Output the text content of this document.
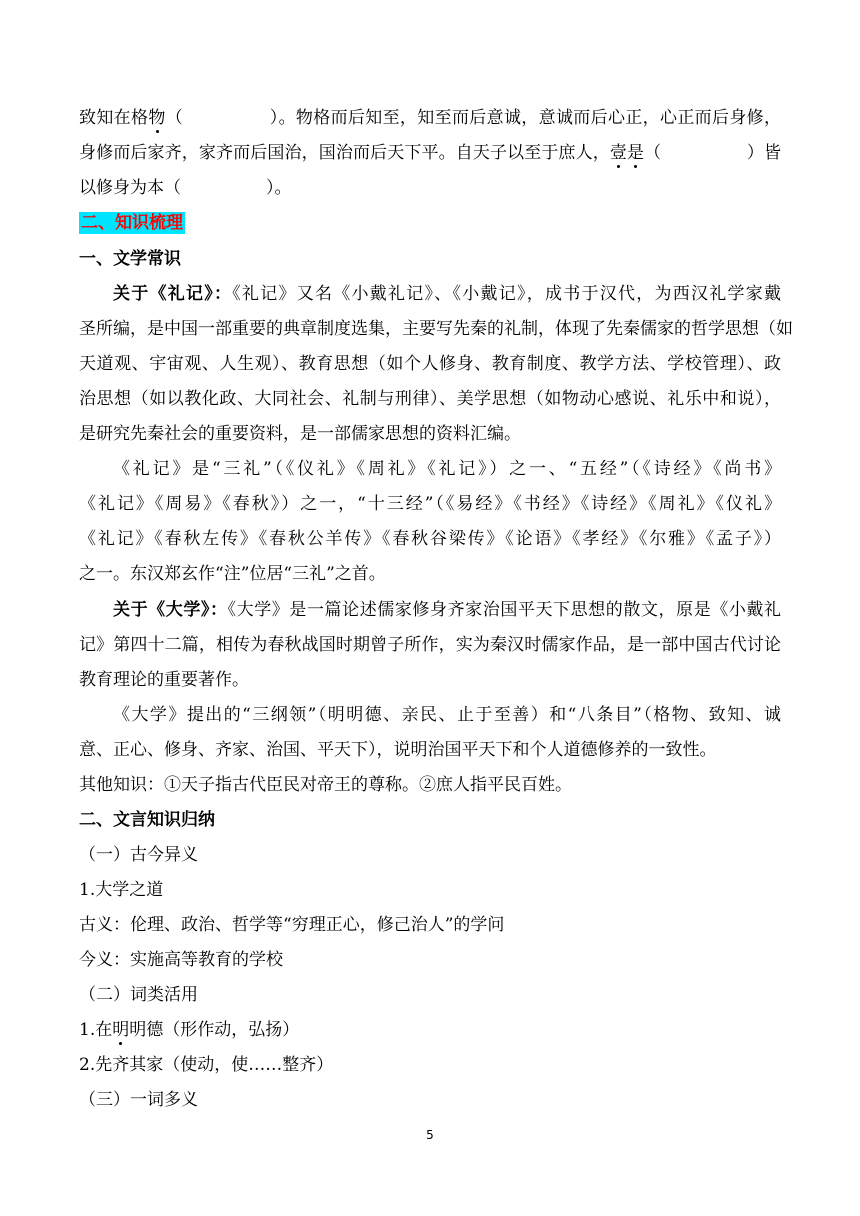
致知在格物（　　　　　）。物格而后知至，知至而后意诚，意诚而后心正，心正而后身修，
身修而后家齐，家齐而后国治，国治而后天下平。自天子以至于庶人，壹是（　　　　　）皆
以修身为本（　　　　　）。
二、知识梳理
一、文学常识
关于《礼记》：《礼记》又名《小戴礼记》、《小戴记》，成书于汉代，为西汉礼学家戴
圣所编，是中国一部重要的典章制度选集，主要写先秦的礼制，体现了先秦儒家的哲学思想（如
天道观、宇宙观、人生观）、教育思想（如个人修身、教育制度、教学方法、学校管理）、政
治思想（如以教化政、大同社会、礼制与刑律）、美学思想（如物动心感说、礼乐中和说），
是研究先秦社会的重要资料，是一部儒家思想的资料汇编。
《礼记》是“三礼”（《仪礼》《周礼》《礼记》）之一、“五经”（《诗经》《尚书》
《礼记》《周易》《春秋》）之一，“十三经”（《易经》《书经》《诗经》《周礼》《仪礼》
《礼记》《春秋左传》《春秋公羊传》《春秋谷梁传》《论语》《孝经》《尔雅》《孟子》）
之一。东汉郑玄作“注”位居“三礼”之首。
关于《大学》：《大学》是一篇论述儒家修身齐家治国平天下思想的散文，原是《小戴礼
记》第四十二篇，相传为春秋战国时期曾子所作，实为秦汉时儒家作品，是一部中国古代讨论
教育理论的重要著作。
《大学》提出的“三纲领”（明明德、亲民、止于至善）和“八条目”（格物、致知、诚
意、正心、修身、齐家、治国、平天下），说明治国平天下和个人道德修养的一致性。
其他知识：①天子指古代臣民对帝王的尊称。②庶人指平民百姓。
二、文言知识归纳
（一）古今异义
1.大学之道
古义：伦理、政治、哲学等“穷理正心，修己治人”的学问
今义：实施高等教育的学校
（二）词类活用
1.在明明德（形作动，弘扬）
2.先齐其家（使动，使……整齐）
（三）一词多义
5
